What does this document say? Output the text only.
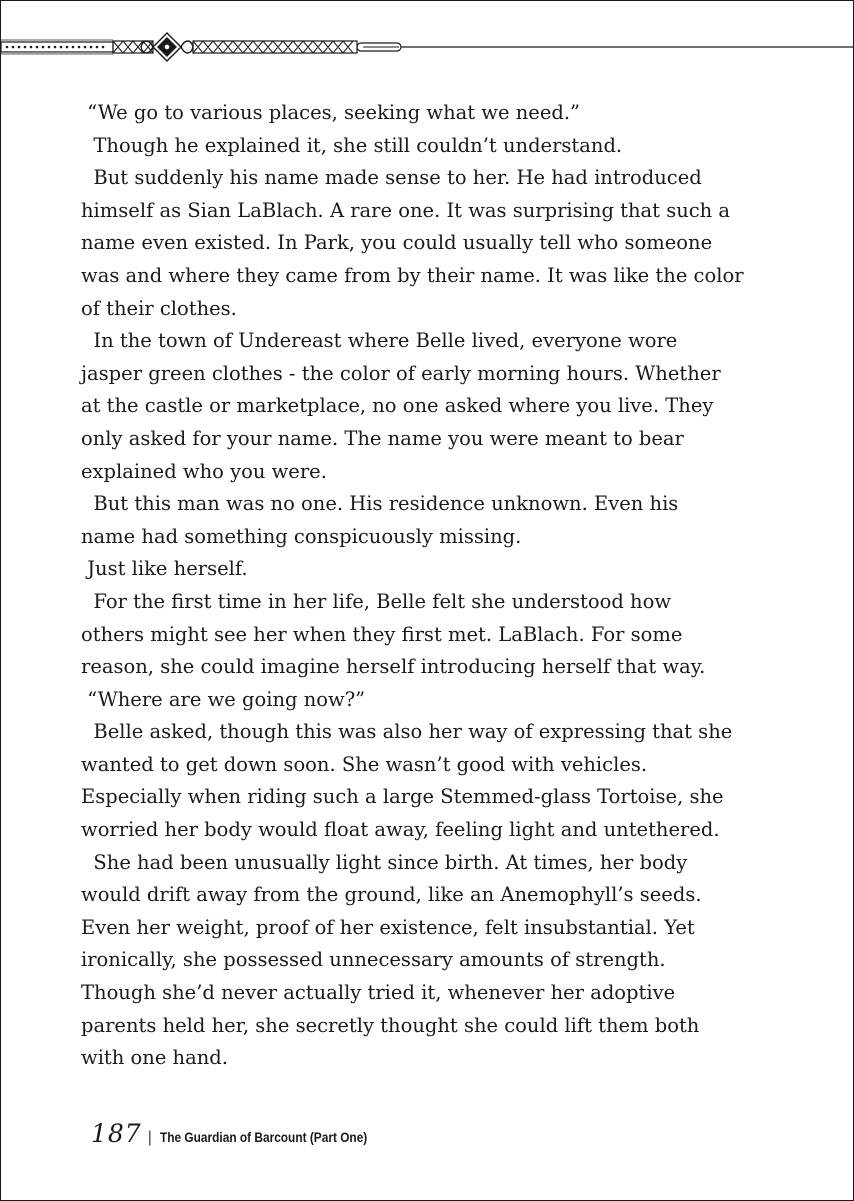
“We go to various places, seeking what we need.”

Though he explained it, she still couldn’t understand.

But suddenly his name made sense to her. He had introduced

himself as Sian LaBlach. A rare one. It was surprising that such a

name even existed. In Park, you could usually tell who someone

was and where they came from by their name. It was like the color

of their clothes.

In the town of Undereast where Belle lived, everyone wore

jasper green clothes - the color of early morning hours. Whether

at the castle or marketplace, no one asked where you live. They

only asked for your name. The name you were meant to bear

explained who you were.

But this man was no one. His residence unknown. Even his

name had something conspicuously missing.

Just like herself.

For the first time in her life, Belle felt she understood how

others might see her when they first met. LaBlach. For some

reason, she could imagine herself introducing herself that way.

“Where are we going now?”

Belle asked, though this was also her way of expressing that she

wanted to get down soon. She wasn’t good with vehicles.

Especially when riding such a large Stemmed-glass Tortoise, she

worried her body would float away, feeling light and untethered.

She had been unusually light since birth. At times, her body

would drift away from the ground, like an Anemophyll’s seeds.

Even her weight, proof of her existence, felt insubstantial. Yet

ironically, she possessed unnecessary amounts of strength.

Though she’d never actually tried it, whenever her adoptive

parents held her, she secretly thought she could lift them both

with one hand.

187 | The Guardian of Barcount (Part One)
